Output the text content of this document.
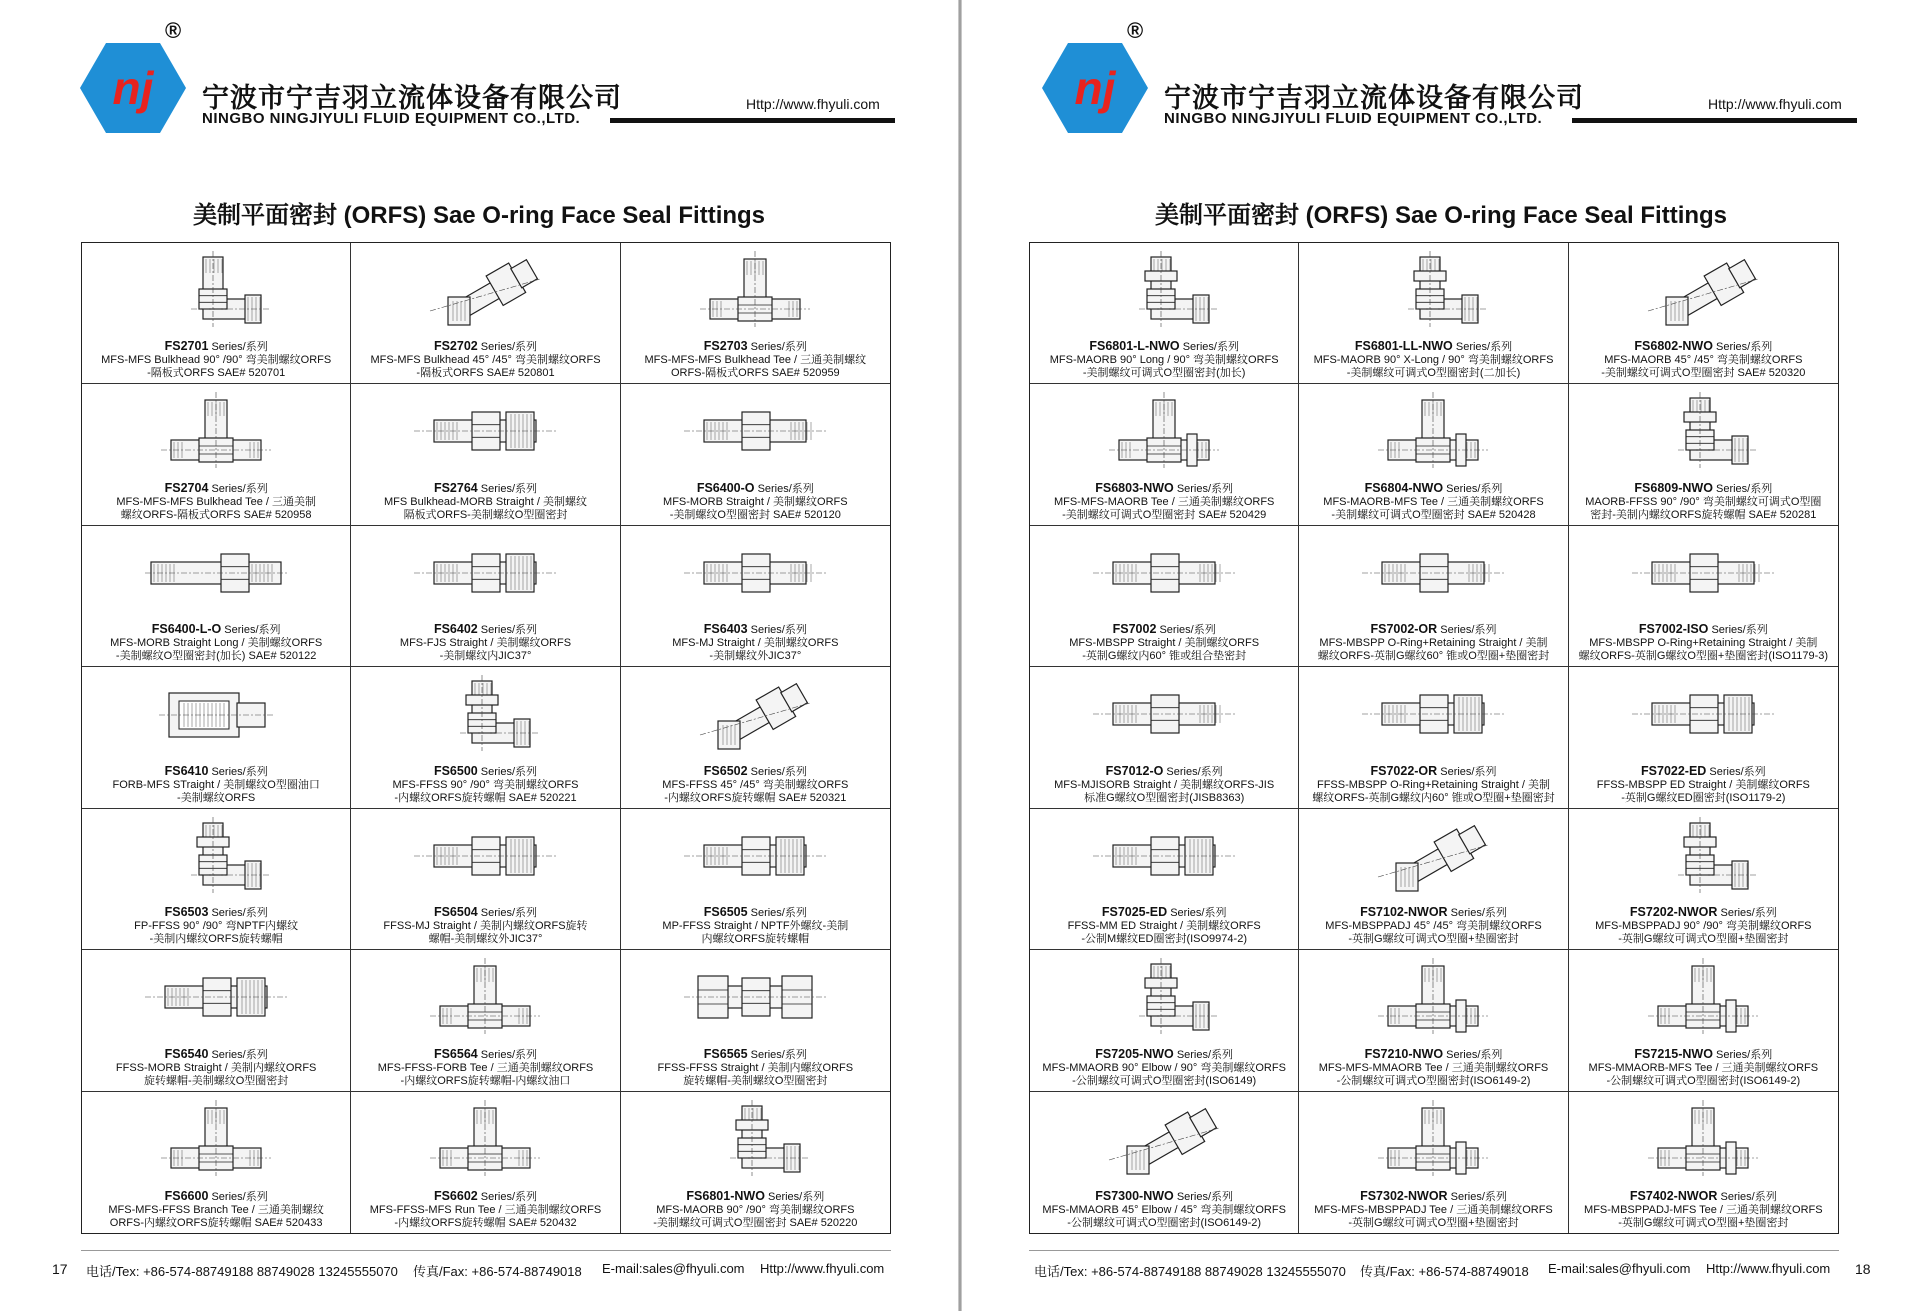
nj
®
宁波市宁吉羽立流体设备有限公司
NINGBO NINGJIYULI FLUID EQUIPMENT CO.,LTD.
Http://www.fhyuli.com
美制平面密封 (ORFS) Sae O-ring Face Seal Fittings
FS2701 Series/系列
MFS-MFS Bulkhead 90° /90° 弯美制螺纹ORFS
-隔板式ORFS SAE# 520701
FS2702 Series/系列
MFS-MFS Bulkhead 45° /45° 弯美制螺纹ORFS
-隔板式ORFS SAE# 520801
FS2703 Series/系列
MFS-MFS-MFS Bulkhead Tee / 三通美制螺纹
ORFS-隔板式ORFS SAE# 520959
FS2704 Series/系列
MFS-MFS-MFS Bulkhead Tee / 三通美制
螺纹ORFS-隔板式ORFS SAE# 520958
FS2764 Series/系列
MFS Bulkhead-MORB Straight / 美制螺纹
隔板式ORFS-美制螺纹O型圈密封
FS6400-O Series/系列
MFS-MORB Straight / 美制螺纹ORFS
-美制螺纹O型圈密封 SAE# 520120
FS6400-L-O Series/系列
MFS-MORB Straight Long / 美制螺纹ORFS
-美制螺纹O型圈密封(加长) SAE# 520122
FS6402 Series/系列
MFS-FJS Straight / 美制螺纹ORFS
-美制螺纹内JIC37°
FS6403 Series/系列
MFS-MJ Straight / 美制螺纹ORFS
-美制螺纹外JIC37°
FS6410 Series/系列
FORB-MFS STraight / 美制螺纹O型圈油口
-美制螺纹ORFS
FS6500 Series/系列
MFS-FFSS 90° /90° 弯美制螺纹ORFS
-内螺纹ORFS旋转螺帽 SAE# 520221
FS6502 Series/系列
MFS-FFSS 45° /45° 弯美制螺纹ORFS
-内螺纹ORFS旋转螺帽 SAE# 520321
FS6503 Series/系列
FP-FFSS 90° /90° 弯NPTF内螺纹
-美制内螺纹ORFS旋转螺帽
FS6504 Series/系列
FFSS-MJ Straight / 美制内螺纹ORFS旋转
螺帽-美制螺纹外JIC37°
FS6505 Series/系列
MP-FFSS Straight / NPTF外螺纹-美制
内螺纹ORFS旋转螺帽
FS6540 Series/系列
FFSS-MORB Straight / 美制内螺纹ORFS
旋转螺帽-美制螺纹O型圈密封
FS6564 Series/系列
MFS-FFSS-FORB Tee / 三通美制螺纹ORFS
-内螺纹ORFS旋转螺帽-内螺纹油口
FS6565 Series/系列
FFSS-FFSS Straight / 美制内螺纹ORFS
旋转螺帽-美制螺纹O型圈密封
FS6600 Series/系列
MFS-MFS-FFSS Branch Tee / 三通美制螺纹
ORFS-内螺纹ORFS旋转螺帽 SAE# 520433
FS6602 Series/系列
MFS-FFSS-MFS Run Tee / 三通美制螺纹ORFS
-内螺纹ORFS旋转螺帽 SAE# 520432
FS6801-NWO Series/系列
MFS-MAORB 90° /90° 弯美制螺纹ORFS
-美制螺纹可调式O型圈密封 SAE# 520220
17 电话/Tex: +86-574-88749188 88749028 13245555070 传真/Fax: +86-574-88749018 E-mail:sales@fhyuli.com Http://www.fhyuli.com
nj
®
宁波市宁吉羽立流体设备有限公司
NINGBO NINGJIYULI FLUID EQUIPMENT CO.,LTD.
Http://www.fhyuli.com
美制平面密封 (ORFS) Sae O-ring Face Seal Fittings
FS6801-L-NWO Series/系列
MFS-MAORB 90° Long / 90° 弯美制螺纹ORFS
-美制螺纹可调式O型圈密封(加长)
FS6801-LL-NWO Series/系列
MFS-MAORB 90° X-Long / 90° 弯美制螺纹ORFS
-美制螺纹可调式O型圈密封(二加长)
FS6802-NWO Series/系列
MFS-MAORB 45° /45° 弯美制螺纹ORFS
-美制螺纹可调式O型圈密封 SAE# 520320
FS6803-NWO Series/系列
MFS-MFS-MAORB Tee / 三通美制螺纹ORFS
-美制螺纹可调式O型圈密封 SAE# 520429
FS6804-NWO Series/系列
MFS-MAORB-MFS Tee / 三通美制螺纹ORFS
-美制螺纹可调式O型圈密封 SAE# 520428
FS6809-NWO Series/系列
MAORB-FFSS 90° /90° 弯美制螺纹可调式O型圈
密封-美制内螺纹ORFS旋转螺帽 SAE# 520281
FS7002 Series/系列
MFS-MBSPP Straight / 美制螺纹ORFS
-英制G螺纹内60° 锥或组合垫密封
FS7002-OR Series/系列
MFS-MBSPP O-Ring+Retaining Straight / 美制
螺纹ORFS-英制G螺纹60° 锥或O型圈+垫圈密封
FS7002-ISO Series/系列
MFS-MBSPP O-Ring+Retaining Straight / 美制
螺纹ORFS-英制G螺纹O型圈+垫圈密封(ISO1179-3)
FS7012-O Series/系列
MFS-MJISORB Straight / 美制螺纹ORFS-JIS
标准G螺纹O型圈密封(JISB8363)
FS7022-OR Series/系列
FFSS-MBSPP O-Ring+Retaining Straight / 美制
螺纹ORFS-英制G螺纹内60° 锥或O型圈+垫圈密封
FS7022-ED Series/系列
FFSS-MBSPP ED Straight / 美制螺纹ORFS
-英制G螺纹ED圈密封(ISO1179-2)
FS7025-ED Series/系列
FFSS-MM ED Straight / 美制螺纹ORFS
-公制M螺纹ED圈密封(ISO9974-2)
FS7102-NWOR Series/系列
MFS-MBSPPADJ 45° /45° 弯美制螺纹ORFS
-英制G螺纹可调式O型圈+垫圈密封
FS7202-NWOR Series/系列
MFS-MBSPPADJ 90° /90° 弯美制螺纹ORFS
-英制G螺纹可调式O型圈+垫圈密封
FS7205-NWO Series/系列
MFS-MMAORB 90° Elbow / 90° 弯美制螺纹ORFS
-公制螺纹可调式O型圈密封(ISO6149)
FS7210-NWO Series/系列
MFS-MFS-MMAORB Tee / 三通美制螺纹ORFS
-公制螺纹可调式O型圈密封(ISO6149-2)
FS7215-NWO Series/系列
MFS-MMAORB-MFS Tee / 三通美制螺纹ORFS
-公制螺纹可调式O型圈密封(ISO6149-2)
FS7300-NWO Series/系列
MFS-MMAORB 45° Elbow / 45° 弯美制螺纹ORFS
-公制螺纹可调式O型圈密封(ISO6149-2)
FS7302-NWOR Series/系列
MFS-MFS-MBSPPADJ Tee / 三通美制螺纹ORFS
-英制G螺纹可调式O型圈+垫圈密封
FS7402-NWOR Series/系列
MFS-MBSPPADJ-MFS Tee / 三通美制螺纹ORFS
-英制G螺纹可调式O型圈+垫圈密封
电话/Tex: +86-574-88749188 88749028 13245555070 传真/Fax: +86-574-88749018 E-mail:sales@fhyuli.com Http://www.fhyuli.com 18
